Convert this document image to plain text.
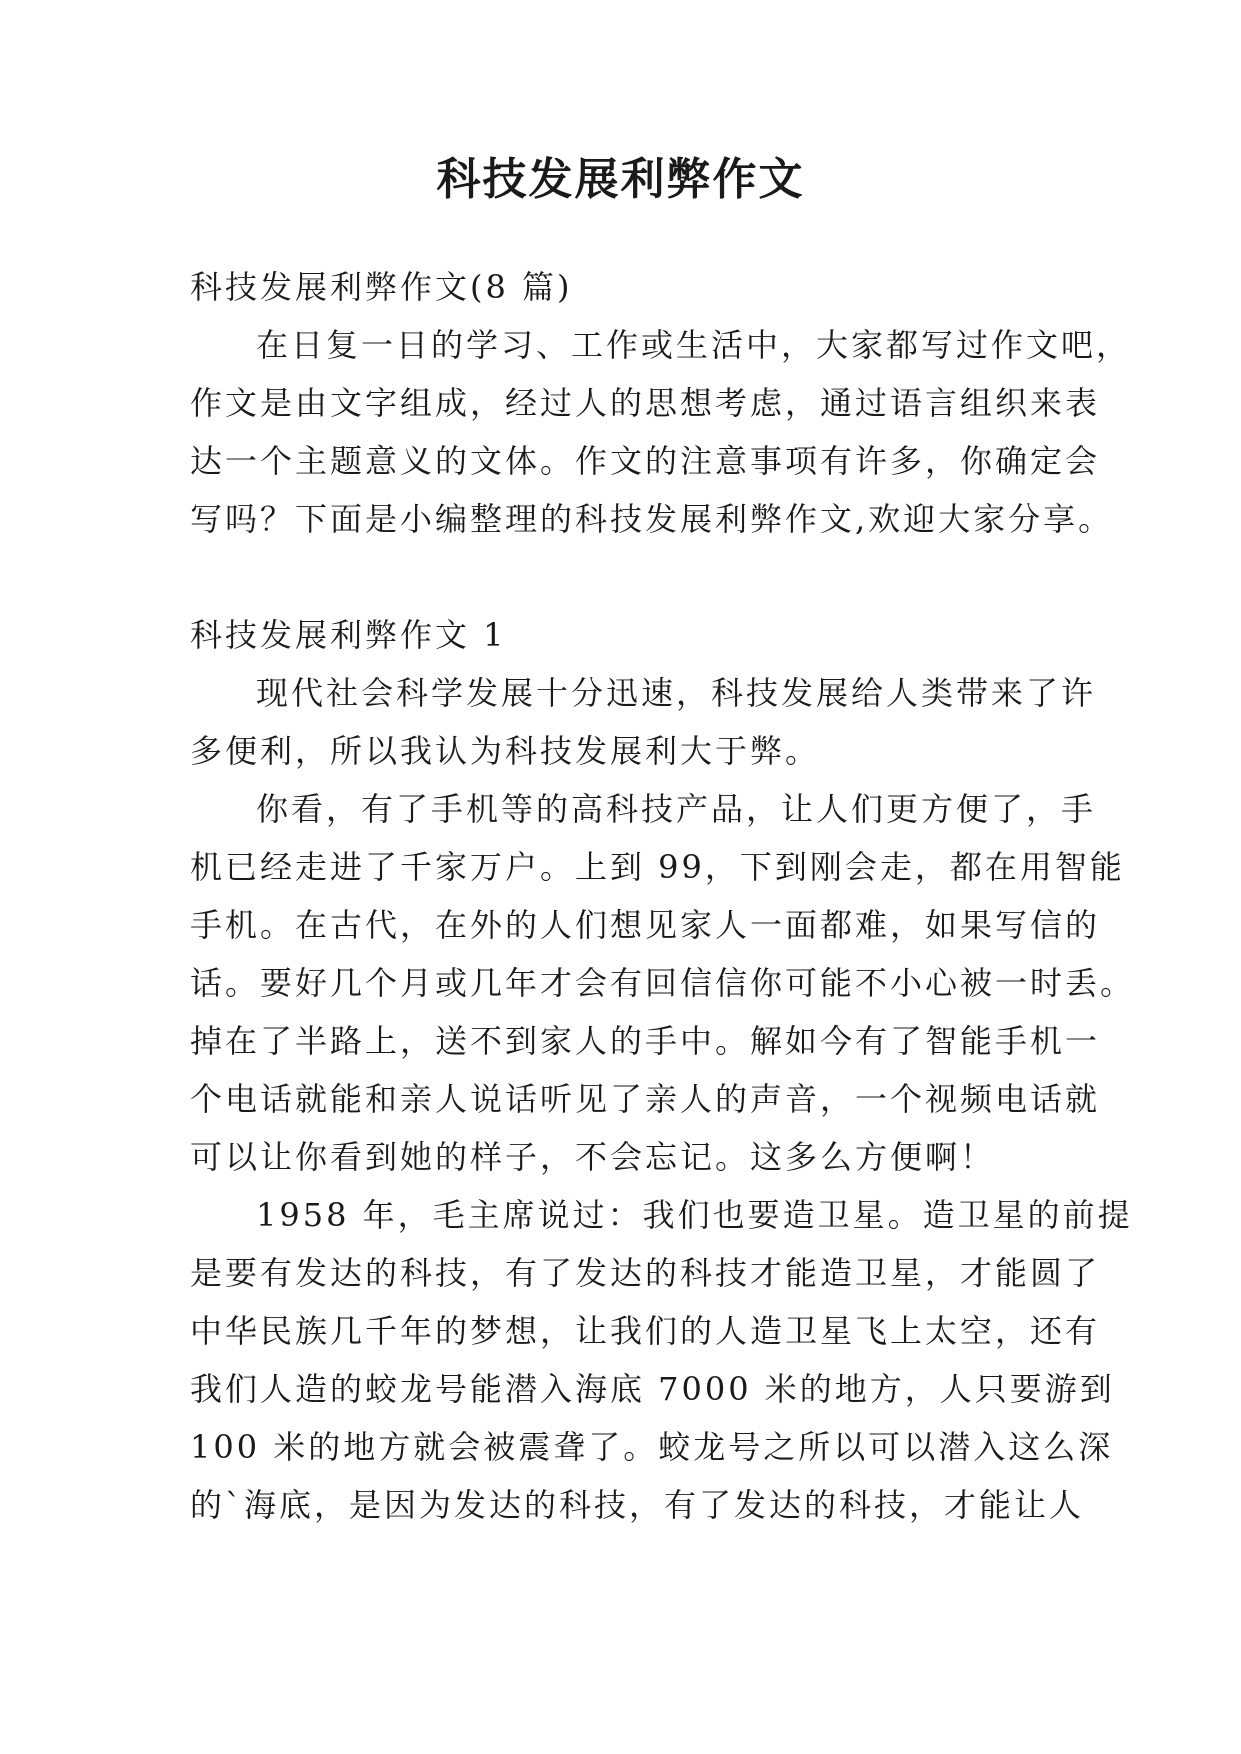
科技发展利弊作文
科技发展利弊作文(8 篇)
在日复一日的学习、工作或生活中，大家都写过作文吧，
作文是由文字组成，经过人的思想考虑，通过语言组织来表
达一个主题意义的文体。作文的注意事项有许多，你确定会
写吗？下面是小编整理的科技发展利弊作文,欢迎大家分享。
科技发展利弊作文 1
现代社会科学发展十分迅速，科技发展给人类带来了许
多便利，所以我认为科技发展利大于弊。
你看，有了手机等的高科技产品，让人们更方便了，手
机已经走进了千家万户。上到 99，下到刚会走，都在用智能
手机。在古代，在外的人们想见家人一面都难，如果写信的
话。要好几个月或几年才会有回信信你可能不小心被一时丢。
掉在了半路上，送不到家人的手中。解如今有了智能手机一
个电话就能和亲人说话听见了亲人的声音，一个视频电话就
可以让你看到她的样子，不会忘记。这多么方便啊！
1958 年，毛主席说过：我们也要造卫星。造卫星的前提
是要有发达的科技，有了发达的科技才能造卫星，才能圆了
中华民族几千年的梦想，让我们的人造卫星飞上太空，还有
我们人造的蛟龙号能潜入海底 7000 米的地方，人只要游到
100 米的地方就会被震聋了。蛟龙号之所以可以潜入这么深
的`海底，是因为发达的科技，有了发达的科技，才能让人
